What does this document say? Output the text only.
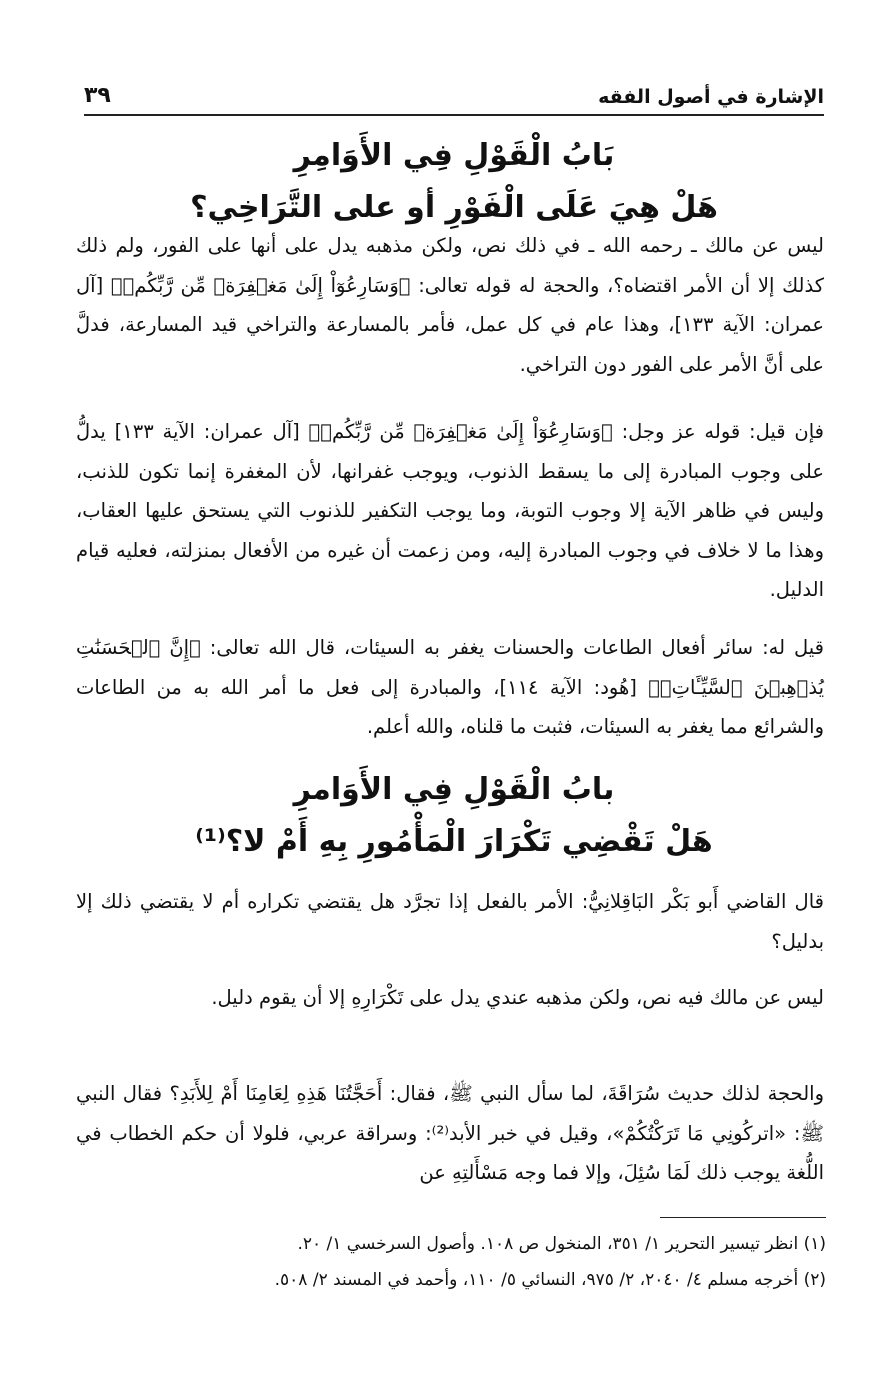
الإشارة في أصول الفقه
٣٩
بَابُ الْقَوْلِ فِي الأَوَامِرِ
هَلْ هِيَ عَلَى الْفَوْرِ أو على التَّرَاخِي؟

ليس عن مالك ـ رحمه الله ـ في ذلك نص، ولكن مذهبه يدل على أنها على الفور، ولم ذلك كذلك إلا أن الأمر اقتضاه؟، والحجة له قوله تعالى: ﴿وَسَارِعُوٓاْ إِلَىٰ مَغۡفِرَةٖ مِّن رَّبِّكُمۡ﴾ [آل عمران: الآية ١٣٣]، وهذا عام في كل عمل، فأمر بالمسارعة والتراخي قيد المسارعة، فدلَّ على أنَّ الأمر على الفور دون التراخي.

فإن قيل: قوله عز وجل: ﴿وَسَارِعُوٓاْ إِلَىٰ مَغۡفِرَةٖ مِّن رَّبِّكُمۡ﴾ [آل عمران: الآية ١٣٣] يدلُّ على وجوب المبادرة إلى ما يسقط الذنوب، ويوجب غفرانها، لأن المغفرة إنما تكون للذنب، وليس في ظاهر الآية إلا وجوب التوبة، وما يوجب التكفير للذنوب التي يستحق عليها العقاب، وهذا ما لا خلاف في وجوب المبادرة إليه، ومن زعمت أن غيره من الأفعال بمنزلته، فعليه قيام الدليل.

قيل له: سائر أفعال الطاعات والحسنات يغفر به السيئات، قال الله تعالى: ﴿إِنَّ ٱلۡحَسَنَٰتِ يُذۡهِبۡنَ ٱلسَّيِّـَٔاتِۚ﴾ [هُود: الآية ١١٤]، والمبادرة إلى فعل ما أمر الله به من الطاعات والشرائع مما يغفر به السيئات، فثبت ما قلناه، والله أعلم.

بابُ الْقَوْلِ فِي الأَوَامرِ
هَلْ تَقْضِي تَكْرَارَ الْمَأْمُورِ بِهِ أَمْ لا؟⁽¹⁾

قال القاضي أَبو بَكْر البَاقِلانِيُّ: الأمر بالفعل إذا تجرَّد هل يقتضي تكراره أم لا يقتضي ذلك إلا بدليل؟

ليس عن مالك فيه نص، ولكن مذهبه عندي يدل على تَكْرَارِهِ إلا أن يقوم دليل.

والحجة لذلك حديث سُرَاقَةَ، لما سأل النبي ﷺ، فقال: أَحَجَّتُنَا هَذِهِ لِعَامِنَا أَمْ لِلأَبَدِ؟ فقال النبي ﷺ: «اتركُونِي مَا تَرَكْتُكُمْ»، وقيل في خبر الأبد⁽²⁾: وسراقة عربي، فلولا أن حكم الخطاب في اللُّغة يوجب ذلك لَمَا سُئِلَ، وإلا فما وجه مَسْأَلتِهِ عن

(١) انظر تيسير التحرير ١/ ٣٥١، المنخول ص ١٠٨. وأصول السرخسي ١/ ٢٠.
(٢) أخرجه مسلم ٤/ ٢٠٤٠، ٢/ ٩٧٥، النسائي ٥/ ١١٠، وأحمد في المسند ٢/ ٥٠٨.
